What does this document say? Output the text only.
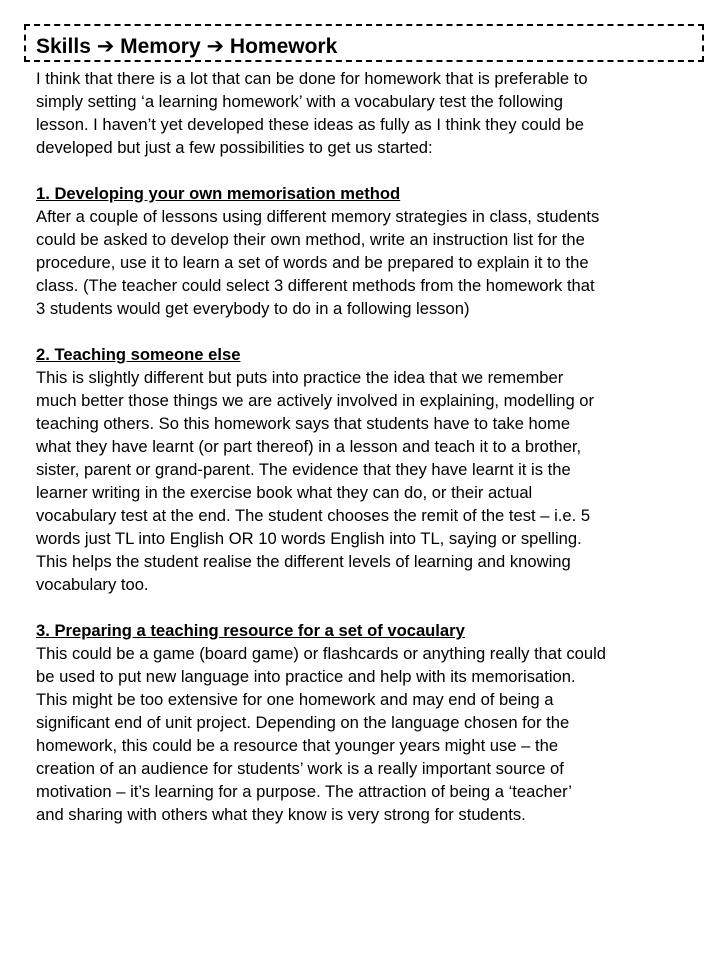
Skills ➔ Memory ➔ Homework

I think that there is a lot that can be done for homework that is preferable to

simply setting ‘a learning homework’ with a vocabulary test the following

lesson. I haven’t yet developed these ideas as fully as I think they could be

developed but just a few possibilities to get us started:

1. Developing your own memorisation method

After a couple of lessons using different memory strategies in class, students

could be asked to develop their own method, write an instruction list for the

procedure, use it to learn a set of words and be prepared to explain it to the

class. (The teacher could select 3 different methods from the homework that

3 students would get everybody to do in a following lesson)

2. Teaching someone else

This is slightly different but puts into practice the idea that we remember

much better those things we are actively involved in explaining, modelling or

teaching others. So this homework says that students have to take home

what they have learnt (or part thereof) in a lesson and teach it to a brother,

sister, parent or grand-parent. The evidence that they have learnt it is the

learner writing in the exercise book what they can do, or their actual

vocabulary test at the end. The student chooses the remit of the test – i.e. 5

words just TL into English OR 10 words English into TL, saying or spelling.

This helps the student realise the different levels of learning and knowing

vocabulary too.

3. Preparing a teaching resource for a set of vocaulary

This could be a game (board game) or flashcards or anything really that could

be used to put new language into practice and help with its memorisation.

This might be too extensive for one homework and may end of being a

significant end of unit project. Depending on the language chosen for the

homework, this could be a resource that younger years might use – the

creation of an audience for students’ work is a really important source of

motivation – it’s learning for a purpose. The attraction of being a ‘teacher’

and sharing with others what they know is very strong for students.
